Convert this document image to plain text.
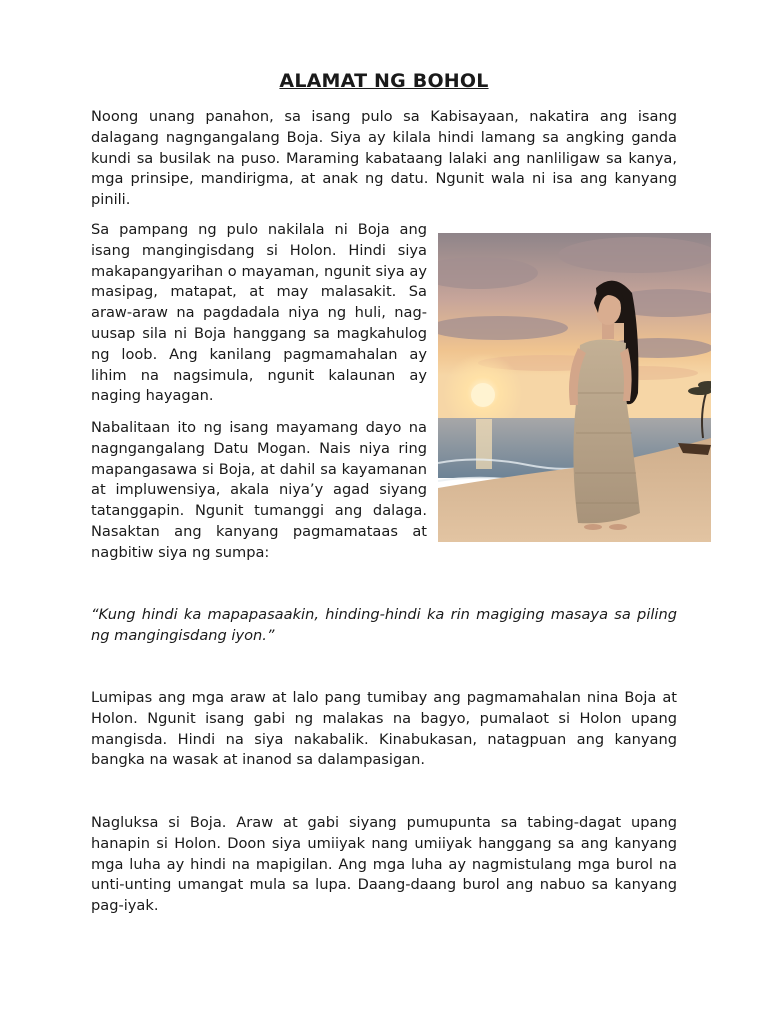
ALAMAT NG BOHOL

Noong unang panahon, sa isang pulo sa Kabisayaan, nakatira ang isang dalagang nagngangalang Boja. Siya ay kilala hindi lamang sa angking ganda kundi sa busilak na puso. Maraming kabataang lalaki ang nanliligaw sa kanya, mga prinsipe, mandirigma, at anak ng datu. Ngunit wala ni isa ang kanyang pinili.

Sa pampang ng pulo nakilala ni Boja ang isang mangingisdang si Holon. Hindi siya makapangyarihan o mayaman, ngunit siya ay masipag, matapat, at may malasakit. Sa araw-araw na pagdadala niya ng huli, nag-uusap sila ni Boja hanggang sa magkahulog ng loob. Ang kanilang pagmamahalan ay lihim na nagsimula, ngunit kalaunan ay naging hayagan.

Nabalitaan ito ng isang mayamang dayo na nagngangalang Datu Mogan. Nais niya ring mapangasawa si Boja, at dahil sa kayamanan at impluwensiya, akala niya’y agad siyang tatanggapin. Ngunit tumanggi ang dalaga. Nasaktan ang kanyang pagmamataas at nagbitiw siya ng sumpa:

“Kung hindi ka mapapasaakin, hinding-hindi ka rin magiging masaya sa piling ng mangingisdang iyon.”

Lumipas ang mga araw at lalo pang tumibay ang pagmamahalan nina Boja at Holon. Ngunit isang gabi ng malakas na bagyo, pumalaot si Holon upang mangisda. Hindi na siya nakabalik. Kinabukasan, natagpuan ang kanyang bangka na wasak at inanod sa dalampasigan.

Nagluksa si Boja. Araw at gabi siyang pumupunta sa tabing-dagat upang hanapin si Holon. Doon siya umiiyak nang umiiyak hanggang sa ang kanyang mga luha ay hindi na mapigilan. Ang mga luha ay nagmistulang mga burol na unti-unting umangat mula sa lupa. Daang-daang burol ang nabuo sa kanyang pag-iyak.
